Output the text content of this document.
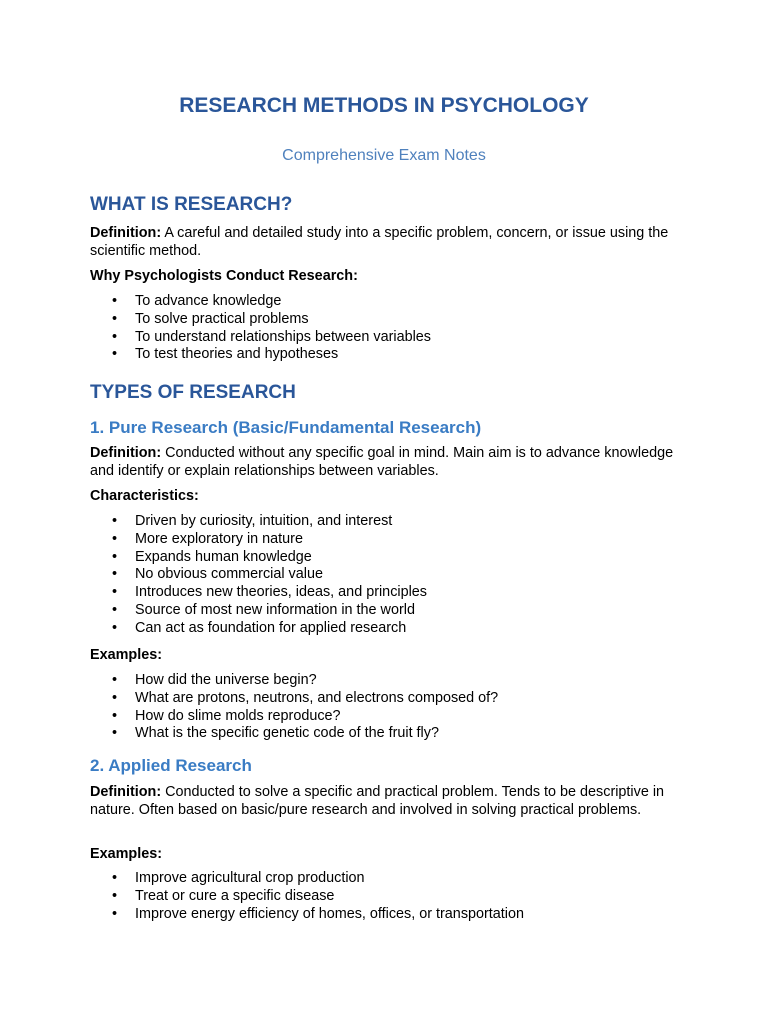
RESEARCH METHODS IN PSYCHOLOGY
Comprehensive Exam Notes
WHAT IS RESEARCH?
Definition: A careful and detailed study into a specific problem, concern, or issue using the scientific method.
Why Psychologists Conduct Research:
• To advance knowledge
• To solve practical problems
• To understand relationships between variables
• To test theories and hypotheses
TYPES OF RESEARCH
1. Pure Research (Basic/Fundamental Research)
Definition: Conducted without any specific goal in mind. Main aim is to advance knowledge and identify or explain relationships between variables.
Characteristics:
• Driven by curiosity, intuition, and interest
• More exploratory in nature
• Expands human knowledge
• No obvious commercial value
• Introduces new theories, ideas, and principles
• Source of most new information in the world
• Can act as foundation for applied research
Examples:
• How did the universe begin?
• What are protons, neutrons, and electrons composed of?
• How do slime molds reproduce?
• What is the specific genetic code of the fruit fly?
2. Applied Research
Definition: Conducted to solve a specific and practical problem. Tends to be descriptive in nature. Often based on basic/pure research and involved in solving practical problems.
Examples:
• Improve agricultural crop production
• Treat or cure a specific disease
• Improve energy efficiency of homes, offices, or transportation
